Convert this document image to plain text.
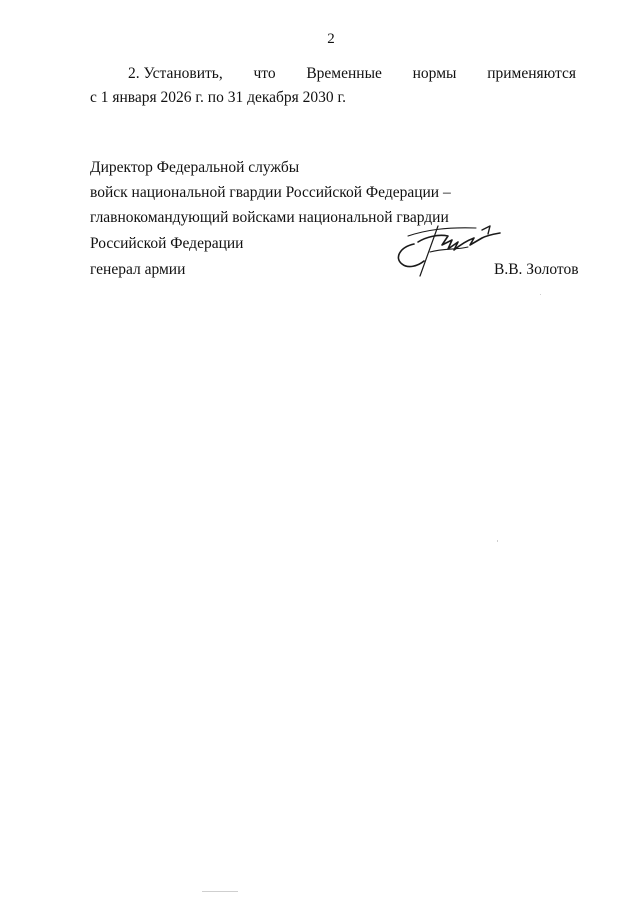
2
2. Установить, что Временные нормы применяются
с 1 января 2026 г. по 31 декабря 2030 г.
Директор Федеральной службы
войск национальной гвардии Российской Федерации –
главнокомандующий войсками национальной гвардии
Российской Федерации
генерал армии	В.В. Золотов
